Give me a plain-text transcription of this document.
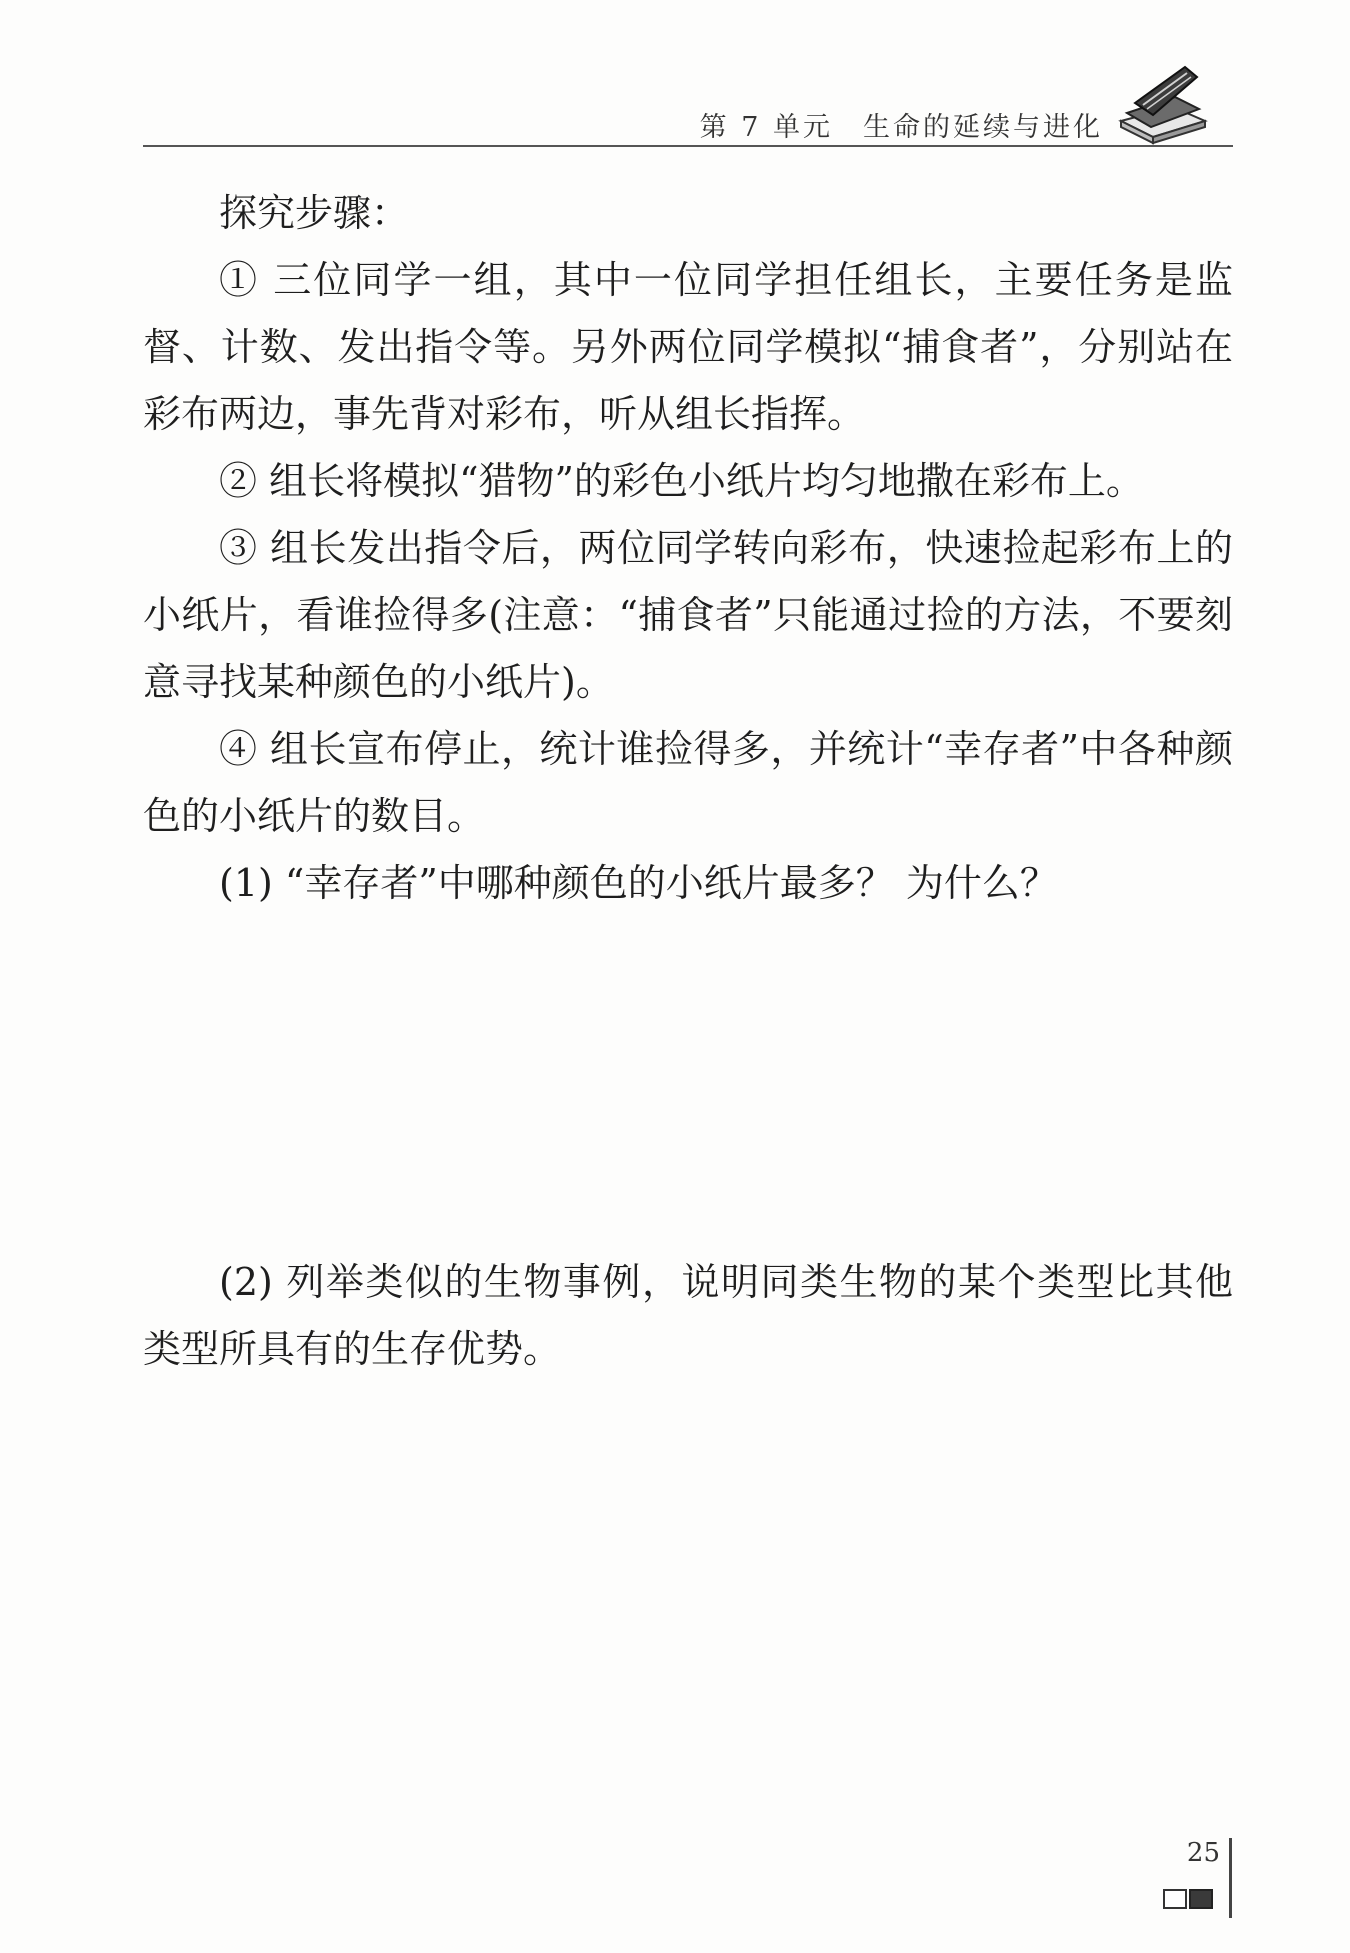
第 7 单元 生命的延续与进化

探究步骤：

① 三位同学一组，其中一位同学担任组长，主要任务是监督、计数、发出指令等。另外两位同学模拟“捕食者”，分别站在彩布两边，事先背对彩布，听从组长指挥。

② 组长将模拟“猎物”的彩色小纸片均匀地撒在彩布上。

③ 组长发出指令后，两位同学转向彩布，快速捡起彩布上的小纸片，看谁捡得多(注意：“捕食者”只能通过捡的方法，不要刻意寻找某种颜色的小纸片)。

④ 组长宣布停止，统计谁捡得多，并统计“幸存者”中各种颜色的小纸片的数目。

(1) “幸存者”中哪种颜色的小纸片最多？ 为什么？

(2) 列举类似的生物事例，说明同类生物的某个类型比其他类型所具有的生存优势。

25
